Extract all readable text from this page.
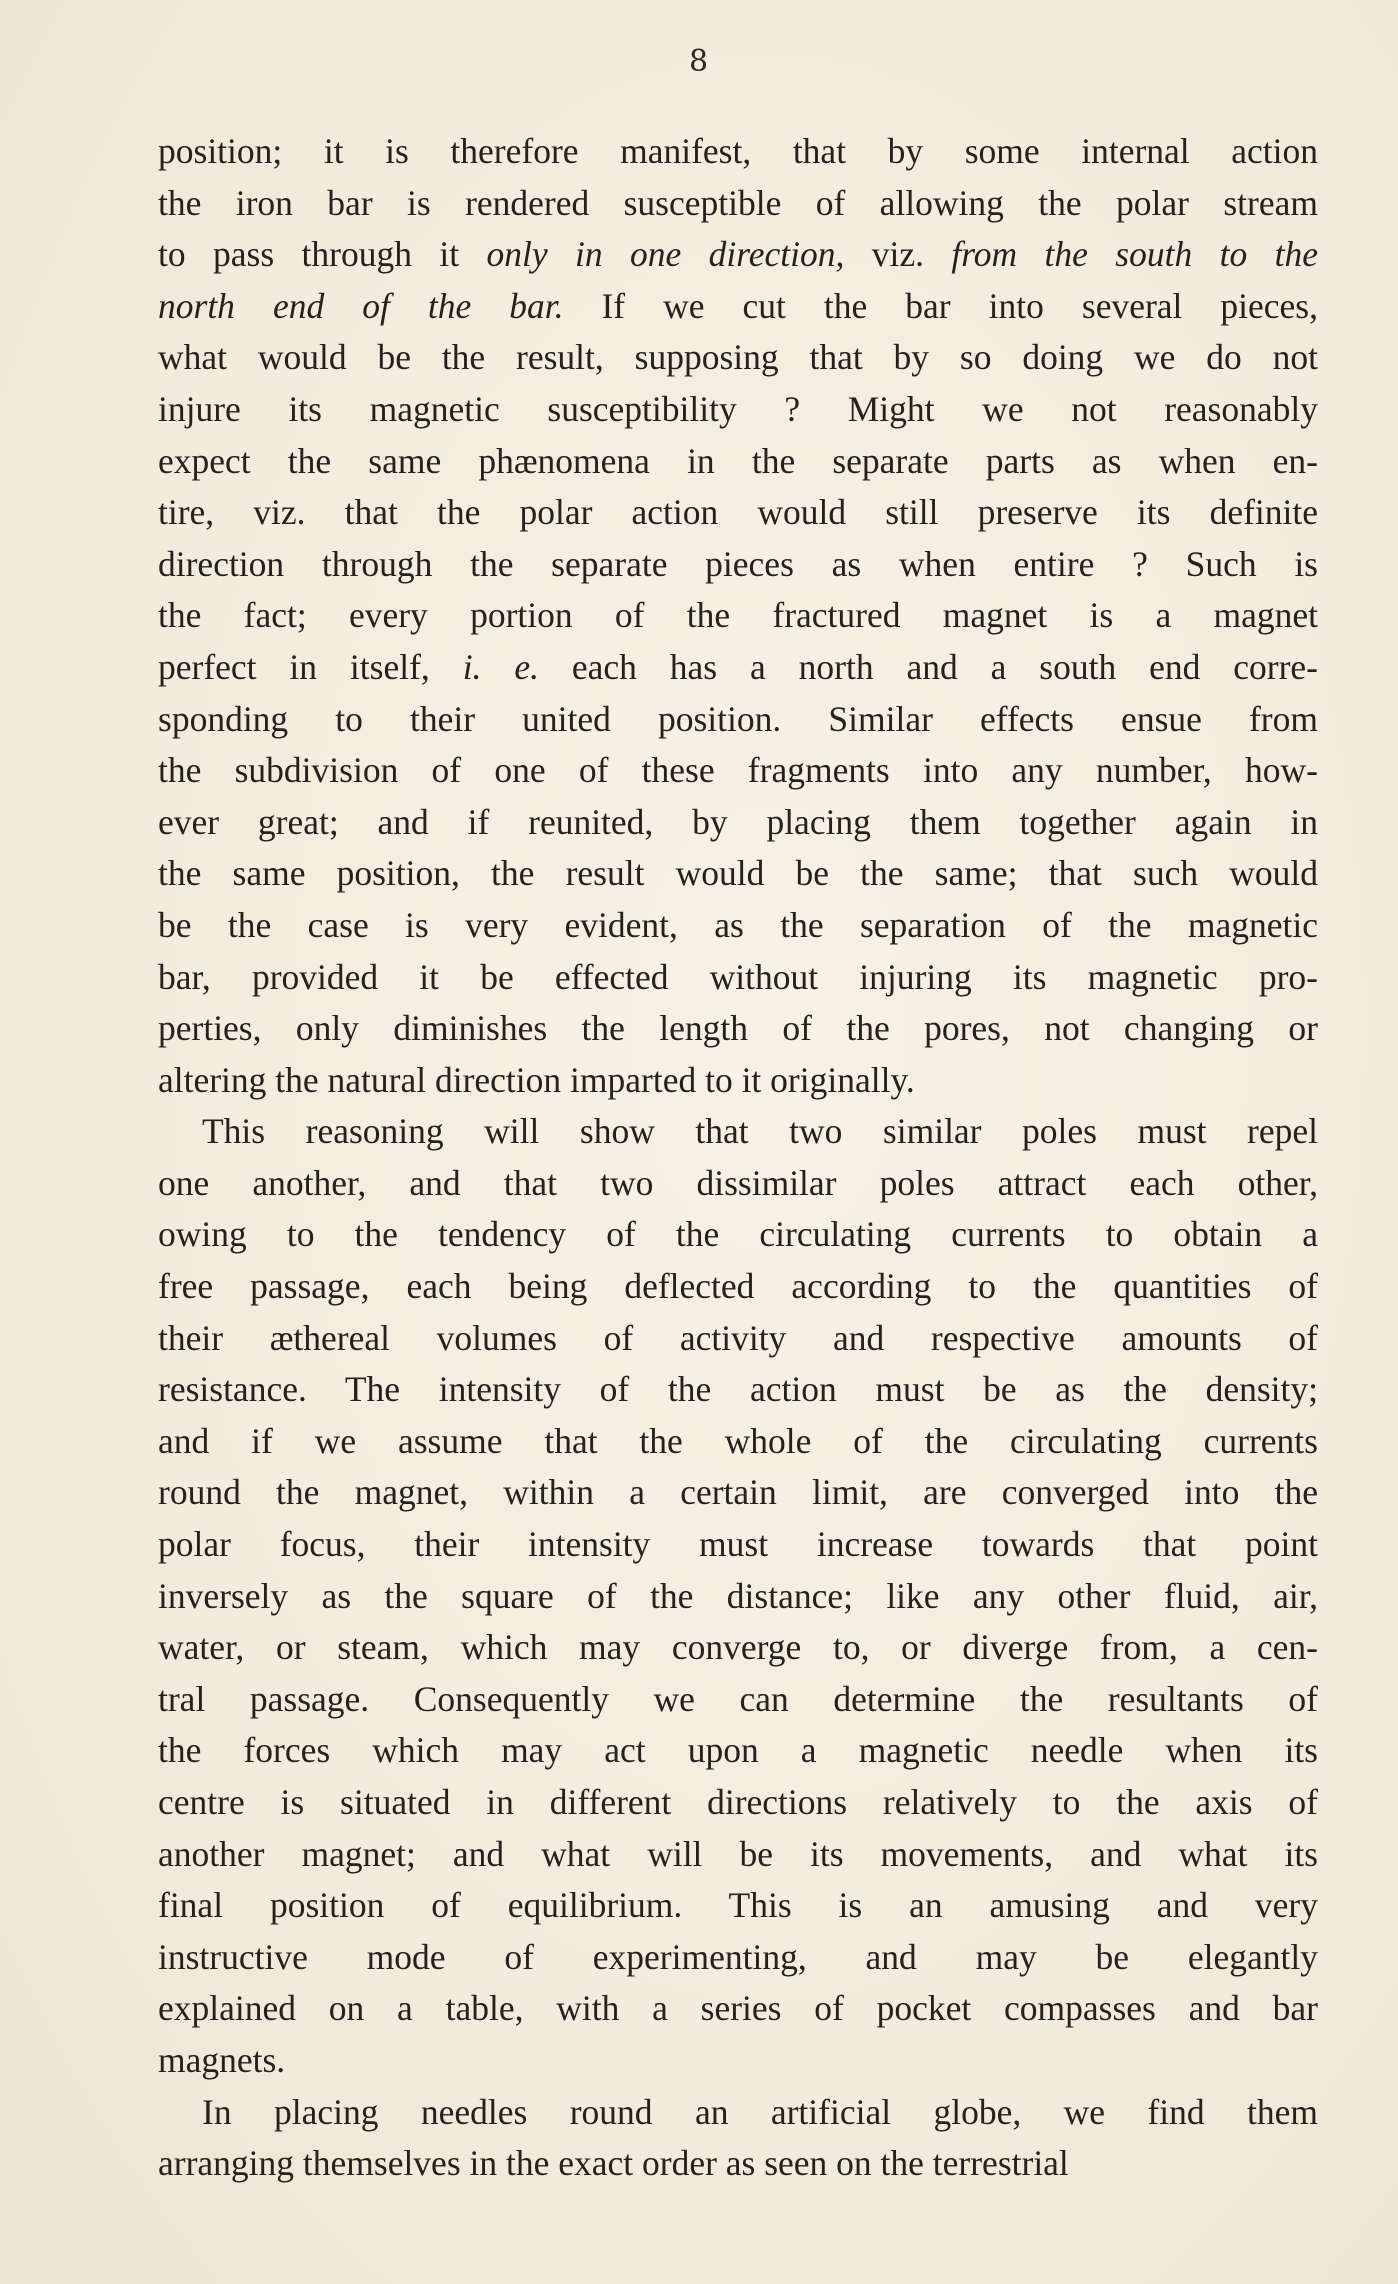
8
position; it is therefore manifest, that by some internal action
the iron bar is rendered susceptible of allowing the polar stream
to pass through it only in one direction, viz. from the south to the
north end of the bar. If we cut the bar into several pieces,
what would be the result, supposing that by so doing we do not
injure its magnetic susceptibility ? Might we not reasonably
expect the same phænomena in the separate parts as when en-
tire, viz. that the polar action would still preserve its definite
direction through the separate pieces as when entire ? Such is
the fact; every portion of the fractured magnet is a magnet
perfect in itself, i. e. each has a north and a south end corre-
sponding to their united position. Similar effects ensue from
the subdivision of one of these fragments into any number, how-
ever great; and if reunited, by placing them together again in
the same position, the result would be the same; that such would
be the case is very evident, as the separation of the magnetic
bar, provided it be effected without injuring its magnetic pro-
perties, only diminishes the length of the pores, not changing or
altering the natural direction imparted to it originally.
This reasoning will show that two similar poles must repel
one another, and that two dissimilar poles attract each other,
owing to the tendency of the circulating currents to obtain a
free passage, each being deflected according to the quantities of
their æthereal volumes of activity and respective amounts of
resistance. The intensity of the action must be as the density;
and if we assume that the whole of the circulating currents
round the magnet, within a certain limit, are converged into the
polar focus, their intensity must increase towards that point
inversely as the square of the distance; like any other fluid, air,
water, or steam, which may converge to, or diverge from, a cen-
tral passage. Consequently we can determine the resultants of
the forces which may act upon a magnetic needle when its
centre is situated in different directions relatively to the axis of
another magnet; and what will be its movements, and what its
final position of equilibrium. This is an amusing and very
instructive mode of experimenting, and may be elegantly
explained on a table, with a series of pocket compasses and bar
magnets.
In placing needles round an artificial globe, we find them
arranging themselves in the exact order as seen on the terrestrial
